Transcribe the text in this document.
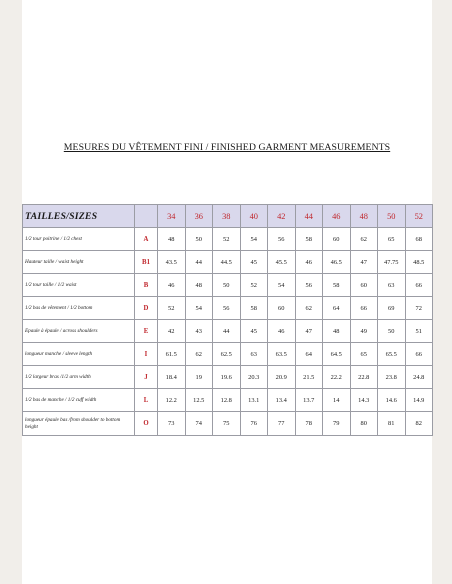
MESURES DU VÊTEMENT FINI / FINISHED GARMENT MEASUREMENTS
TAILLES/SIZES		34	36	38	40	42	44	46	48	50	52
1/2 tour poitrine / 1/2 chest	A	48	50	52	54	56	58	60	62	65	68
Hauteur taille / waist height	B1	43.5	44	44.5	45	45.5	46	46.5	47	47.75	48.5
1/2 tour taille / 1/2 waist	B	46	48	50	52	54	56	58	60	63	66
1/2 bas de vêtement / 1/2 bottom	D	52	54	56	58	60	62	64	66	69	72
Epaule à épaule / across shoulders	E	42	43	44	45	46	47	48	49	50	51
longueur manche / sleeve length	I	61.5	62	62.5	63	63.5	64	64.5	65	65.5	66
1/2 largeur bras /1/2 arm width	J	18.4	19	19.6	20.3	20.9	21.5	22.2	22.8	23.8	24.8
1/2 bas de manche / 1/2 cuff width	L	12.2	12.5	12.8	13.1	13.4	13.7	14	14.3	14.6	14.9
longueur épaule bas /from shoulder to bottom height	O	73	74	75	76	77	78	79	80	81	82
